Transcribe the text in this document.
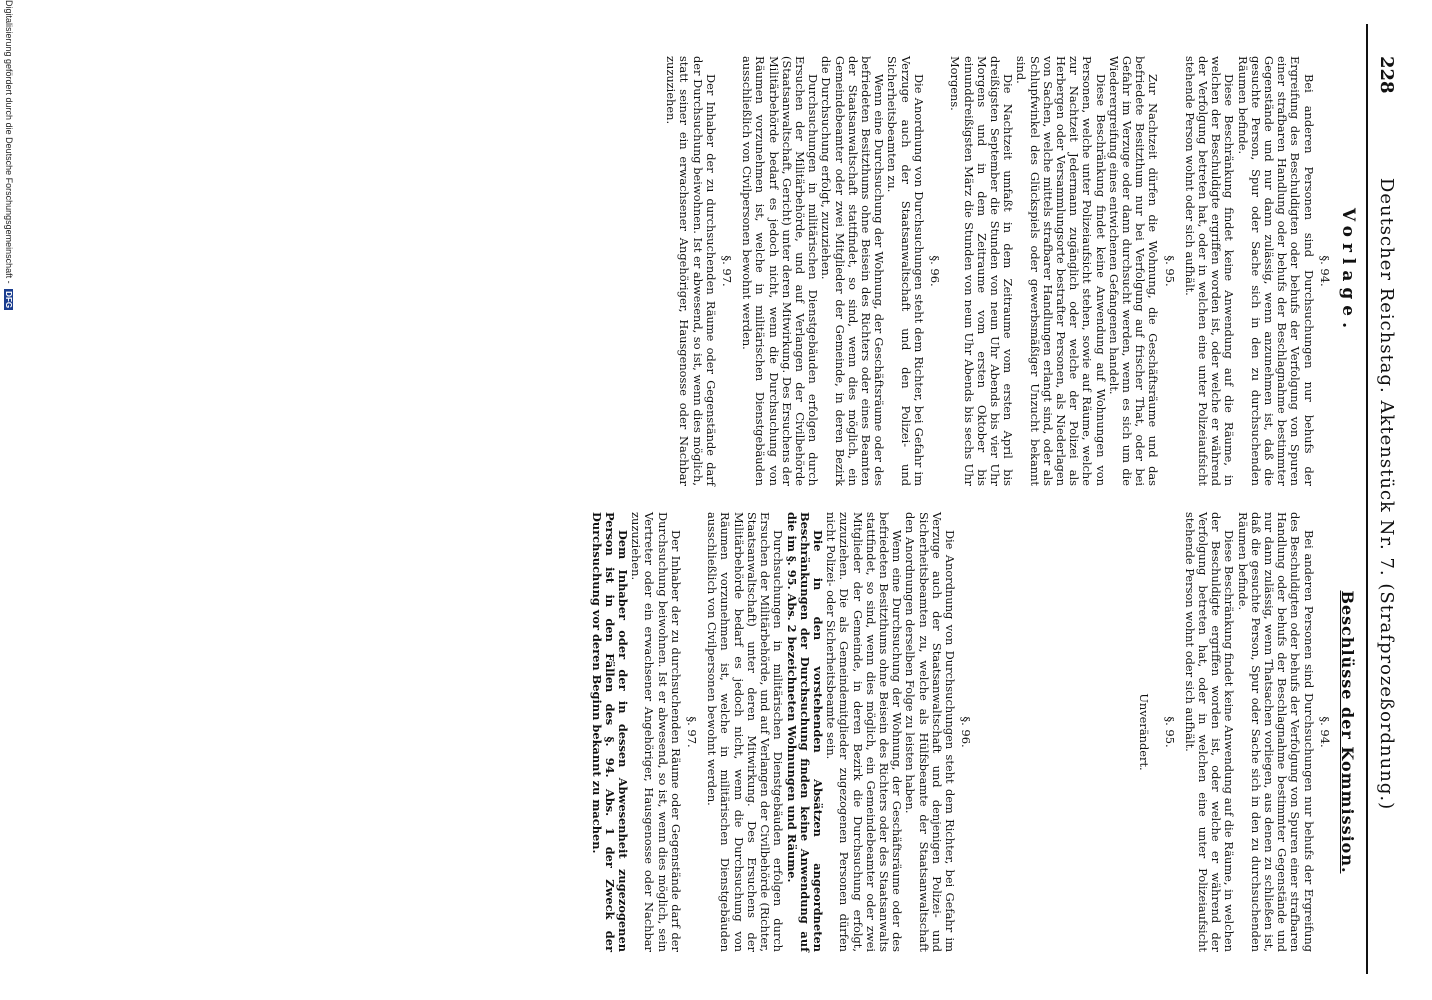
228
Deutscher Reichstag. Aktenstück Nr. 7. (Strafprozeßordnung.)
Vorlage.
§. 94.

Bei anderen Personen sind Durchsuchungen nur behufs der Ergreifung des Beschuldigten oder behufs der Verfolgung von Spuren einer strafbaren Handlung oder behufs der Beschlagnahme bestimmter Gegenstände und nur dann zulässig, wenn anzunehmen ist, daß die gesuchte Person, Spur oder Sache sich in den zu durchsuchenden Räumen befinde.

Diese Beschränkung findet keine Anwendung auf die Räume, in welchen der Beschuldigte ergriffen worden ist, oder welche er während der Verfolgung betreten hat, oder in welchen eine unter Polizeiaufsicht stehende Person wohnt oder sich aufhält.

§. 95.

Zur Nachtzeit dürfen die Wohnung, die Geschäftsräume und das befriedete Besitzthum nur bei Verfolgung auf frischer That, oder bei Gefahr im Verzuge oder dann durchsucht werden, wenn es sich um die Wiederergreifung eines entwichenen Gefangenen handelt.

Diese Beschränkung findet keine Anwendung auf Wohnungen von Personen, welche unter Polizeiaufsicht stehen, sowie auf Räume, welche zur Nachtzeit Jedermann zugänglich oder welche der Polizei als Herbergen oder Versammlungsorte bestrafter Personen, als Niederlagen von Sachen, welche mittels strafbarer Handlungen erlangt sind, oder als Schlupfwinkel des Glückspiels oder gewerbsmäßiger Unzucht bekannt sind.

Die Nachtzeit umfaßt in dem Zeitraume vom ersten April bis dreißigsten September die Stunden von neun Uhr Abends bis vier Uhr Morgens und in dem Zeitraume vom ersten Oktober bis einunddreißigsten März die Stunden von neun Uhr Abends bis sechs Uhr Morgens.

§. 96.

Die Anordnung von Durchsuchungen steht dem Richter, bei Gefahr im Verzuge auch der Staatsanwaltschaft und den Polizei- und Sicherheitsbeamten zu.

Wenn eine Durchsuchung der Wohnung, der Geschäftsräume oder des befriedeten Besitzthums ohne Beisein des Richters oder eines Beamten der Staatsanwaltschaft stattfindet, so sind, wenn dies möglich, ein Gemeindebeamter oder zwei Mitglieder der Gemeinde, in deren Bezirk die Durchsuchung erfolgt, zuzuziehen.

Durchsuchungen in militärischen Dienstgebäuden erfolgen durch Ersuchen der Militärbehörde, und auf Verlangen der Civilbehörde (Staatsanwaltschaft, Gericht) unter deren Mitwirkung. Des Ersuchens der Militärbehörde bedarf es jedoch nicht, wenn die Durchsuchung von Räumen vorzunehmen ist, welche in militärischen Dienstgebäuden ausschließlich von Civilpersonen bewohnt werden.

§. 97.

Der Inhaber der zu durchsuchenden Räume oder Gegenstände darf der Durchsuchung beiwohnen. Ist er abwesend, so ist, wenn dies möglich, statt seiner ein erwachsener Angehöriger, Hausgenosse oder Nachbar zuzuziehen.

Beschlüsse der Kommission.
§. 94.

Bei anderen Personen sind Durchsuchungen nur behufs der Ergreifung des Beschuldigten oder behufs der Verfolgung von Spuren einer strafbaren Handlung oder behufs der Beschlagnahme bestimmter Gegenstände und nur dann zulässig, wenn Thatsachen vorliegen, aus denen zu schließen ist, daß die gesuchte Person, Spur oder Sache sich in den zu durchsuchenden Räumen befinde.

Diese Beschränkung findet keine Anwendung auf die Räume, in welchen der Beschuldigte ergriffen worden ist, oder welche er während der Verfolgung betreten hat, oder in welchen eine unter Polizeiaufsicht stehende Person wohnt oder sich aufhält.

§. 95.
Unverändert.
§. 96.

Die Anordnung von Durchsuchungen steht dem Richter, bei Gefahr im Verzuge auch der Staatsanwaltschaft und denjenigen Polizei- und Sicherheitsbeamten zu, welche als Hülfsbeamte der Staatsanwaltschaft den Anordnungen derselben Folge zu leisten haben.

Wenn eine Durchsuchung der Wohnung, der Geschäftsräume oder des befriedeten Besitzthums ohne Beisein des Richters oder des Staatsanwalts stattfindet, so sind, wenn dies möglich, ein Gemeindebeamter oder zwei Mitglieder der Gemeinde, in deren Bezirk die Durchsuchung erfolgt, zuzuziehen. Die als Gemeindemitglieder zugezogenen Personen dürfen nicht Polizei- oder Sicherheitsbeamte sein.

Die in den vorstehenden Absätzen angeordneten Beschränkungen der Durchsuchung finden keine Anwendung auf die im §. 95. Abs. 2 bezeichneten Wohnungen und Räume.

Durchsuchungen in militärischen Dienstgebäuden erfolgen durch Ersuchen der Militärbehörde, und auf Verlangen der Civilbehörde (Richter, Staatsanwaltschaft) unter deren Mitwirkung. Des Ersuchens der Militärbehörde bedarf es jedoch nicht, wenn die Durchsuchung von Räumen vorzunehmen ist, welche in militärischen Dienstgebäuden ausschließlich von Civilpersonen bewohnt werden.

§. 97.

Der Inhaber der zu durchsuchenden Räume oder Gegenstände darf der Durchsuchung beiwohnen. Ist er abwesend, so ist, wenn dies möglich, sein Vertreter oder ein erwachsener Angehöriger, Hausgenosse oder Nachbar zuzuziehen.

Dem Inhaber oder der in dessen Abwesenheit zugezogenen Person ist in den Fällen des §. 94. Abs. 1 der Zweck der Durchsuchung vor deren Beginn bekannt zu machen.

Digitalisierung gefördert durch die Deutsche Forschungsgemeinschaft - DFG
